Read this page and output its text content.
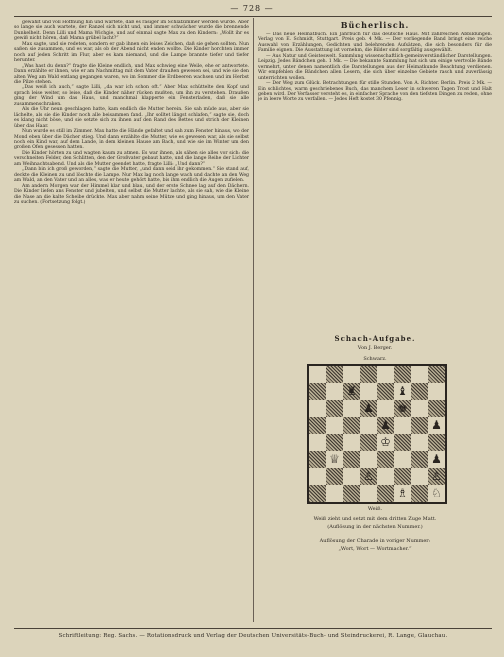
— 728 —

gewählt und voll Hoffnung hin und wartete, daß es rasiger im Schlafzimmer werden würde. Aber so lange sie auch wartete, der Ranzel sich nicht und, und immer schwächer wurde die brennende Dunkelheit. Denn Lilli und Mama Wichgie, und auf einmal sagte Max zu den Kindern: „Wollt ihr es gewiß nicht hören, daß Mama grübel lacht?“

Max sagte, und sie redeten, sondern er gab ihnen ein leises Zeichen, daß sie gehen sollten. Nun saßen sie zusammen, und es war, als ob der Abend nicht enden wollte. Die Kinder horchten immer noch auf jeden Schritt im Flur, aber es kam niemand, und die Lampe brannte tiefer und tiefer herunter.

„Was hast du denn?“ fragte die Kleine endlich, und Max schwieg eine Weile, ehe er antwortete. Dann erzählte er ihnen, wie er am Nachmittag mit dem Vater draußen gewesen sei, und wie sie den alten Weg am Wald entlang gegangen waren, wo im Sommer die Erdbeeren wachsen und im Herbst die Pilze stehen.

„Das weiß ich auch,“ sagte Lilli, „da war ich schon oft.“ Aber Max schüttelte den Kopf und sprach leise weiter, so leise, daß die Kinder näher rücken mußten, um ihn zu verstehen. Draußen ging der Wind um das Haus, und manchmal klapperte ein Fensterladen, daß sie alle zusammenschraken.

Als die Uhr neun geschlagen hatte, kam endlich die Mutter herein. Sie sah müde aus, aber sie lächelte, als sie die Kinder noch alle beisammen fand. „Ihr solltet längst schlafen,“ sagte sie, doch es klang nicht böse, und sie setzte sich zu ihnen auf den Rand des Bettes und strich der Kleinen über das Haar.

Nun wurde es still im Zimmer. Max hatte die Hände gefaltet und sah zum Fenster hinaus, wo der Mond eben über die Dächer stieg. Und dann erzählte die Mutter, wie es gewesen war, als sie selbst noch ein Kind war, auf dem Lande, in dem kleinen Hause am Bach, und wie sie im Winter um den großen Ofen gesessen hatten.

Die Kinder hörten zu und wagten kaum zu atmen. Es war ihnen, als sähen sie alles vor sich: die verschneiten Felder, den Schlitten, den der Großvater gebaut hatte, und die lange Reihe der Lichter am Weihnachtsabend. Und als die Mutter geendet hatte, fragte Lilli: „Und dann?“

„Dann bin ich groß geworden,“ sagte die Mutter, „und dann seid ihr gekommen.“ Sie stand auf, deckte die Kleinen zu und löschte die Lampe. Nur Max lag noch lange wach und dachte an den Weg am Wald, an den Vater und an alles, was er heute gehört hatte, bis ihm endlich die Augen zufielen.

Am andern Morgen war der Himmel klar und blau, und der erste Schnee lag auf den Dächern. Die Kinder liefen ans Fenster und jubelten, und selbst die Mutter lachte, als sie sah, wie die Kleine die Nase an die kalte Scheibe drückte. Max aber nahm seine Mütze und ging hinaus, um den Vater zu suchen. (Fortsetzung folgt.)

Bücherlisch.

— Das neue Heimatbuch. Ein Jahrbuch für das deutsche Haus. Mit zahlreichen Abbildungen. Verlag von E. Schmidt, Stuttgart. Preis geb. 4 Mk. — Der vorliegende Band bringt eine reiche Auswahl von Erzählungen, Gedichten und belehrenden Aufsätzen, die sich besonders für die Familie eignen. Die Ausstattung ist vornehm, die Bilder sind sorgfältig ausgewählt.

— Aus Natur und Geisteswelt. Sammlung wissenschaftlich-gemeinverständlicher Darstellungen. Leipzig. Jedes Bändchen geh. 1 Mk. — Die bekannte Sammlung hat sich um einige wertvolle Bände vermehrt, unter denen namentlich die Darstellungen aus der Heimatkunde Beachtung verdienen. Wir empfehlen die Bändchen allen Lesern, die sich über einzelne Gebiete rasch und zuverlässig unterrichten wollen.

— Der Weg zum Glück. Betrachtungen für stille Stunden. Von A. Richter. Berlin. Preis 2 Mk. — Ein schlichtes, warm geschriebenes Buch, das manchem Leser in schweren Tagen Trost und Halt geben wird. Der Verfasser versteht es, in einfacher Sprache von den tiefsten Dingen zu reden, ohne je in leere Worte zu verfallen. — Jedes Heft kostet 30 Pfennig.

Schach-Aufgabe.
Von J. Berger.
Schwarz.
♜	♝
♟ ♚
♟	♟
♔
♕	♟
♙	♙
♗ ♘
Weiß.
Weiß zieht und setzt mit dem dritten Zuge Matt.
(Auflösung in der nächsten Nummer.)
Auflösung der Charade in voriger Nummer:
„Wort, Wort — Wortmacher.“
Schriftleitung: Reg. Sachs. — Rotationsdruck und Verlag der Deutschen Universitäts-Buch- und Steindruckerei, R. Lange, Glauchau.
